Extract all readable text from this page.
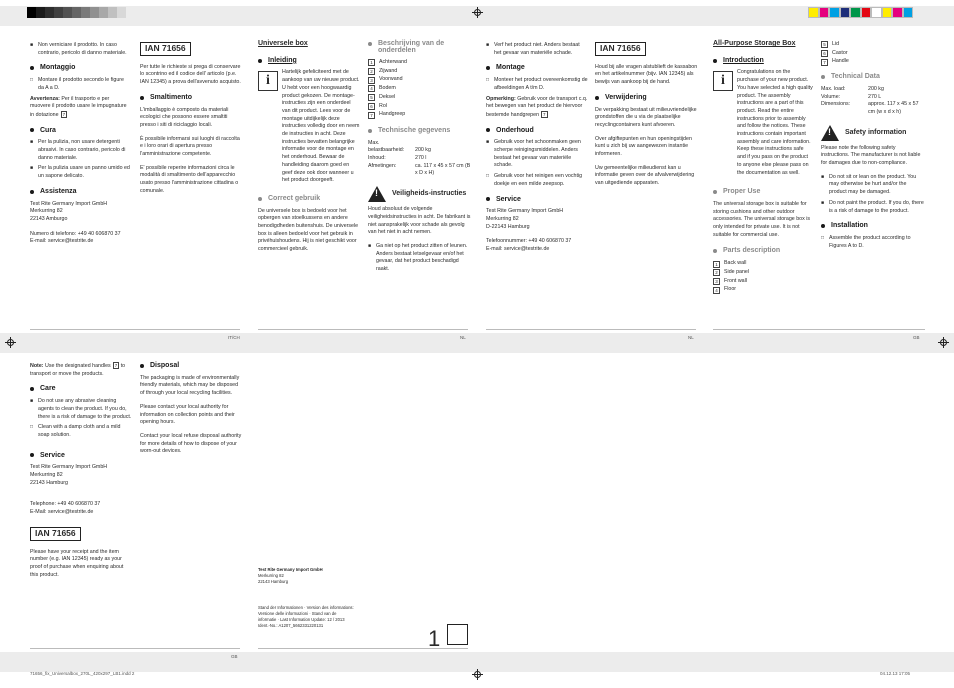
IT/CH	NL	NL	GB
GB
71656_fix_Universalbox_270L_420x297_LB1.indd 2	04.12.13 17:05
■ Non verniciare il prodotto. In caso contrario, pericolo di danno materiale.
Montaggio
□ Montare il prodotto secondo le figure da A a D.

Avvertenza: Per il trasporto e per muovere il prodotto usare le impugnature in dotazione 7

Cura
■ Per la pulizia, non usare detergenti abrasivi. In caso contrario, pericolo di danno materiale.
■ Per la pulizia usare un panno umido ed un sapone delicato.
Assistenza
Test Rite Germany Import GmbH
Merkurring 82
22143 Amburgo
Numero di telefono: +49 40 606870 37
E-mail: service@testrite.de
IAN 71656

Per tutte le richieste si prega di conservare lo scontrino ed il codice dell' articolo (p.e. IAN 12345) a prova dell'avvenuto acquisto.

Smaltimento

L'imballaggio è composto da materiali ecologici che possono essere smaltiti presso i siti di riciclaggio locali.

È possibile informarsi sui luoghi di raccolta e i loro orari di apertura presso l'amministrazione competente.

E' possibile reperire informazioni circa le modalità di smaltimento dell'apparecchio usato presso l'amministrazione cittadina o comunale.

Universele box
Inleiding
i

Hartelijk gefeliciteerd met de aankoop van uw nieuwe product. U hebt voor een hoogwaardig product gekozen. De montage-instructies zijn een onderdeel van dit product. Lees voor de montage uitdijkelijk deze instructies volledig door en neem de instructies in acht. Deze instructies bevatten belangrijke informatie voor de montage en het onderhoud. Bewaar de handleiding daarom goed en geef deze ook door wanneer u het product doorgeeft.

Correct gebruik

De universele box is bedoeld voor het opbergen van stoelkussens en andere benodigdheden buitenshuis. De universele box is alleen bedoeld voor het gebruik in privéhuishoudens. Hij is niet geschikt voor commercieel gebruik.

Beschrijving van de onderdelen
1	Achterwand
2	Zijwand
3	Voorwand
4	Bodem
5	Deksel
6	Rol
7	Handgreep
Technische gegevens
Max.
belastbaarheid:	200 kg
Inhoud:	270 l
Afmetingen:	ca. 117 x 45 x 57 cm (B x D x H)
!
Veiligheids-instructies

Houd absoluut de volgende veiligheidsinstructies in acht. De fabrikant is niet aansprakelijk voor schade als gevolg van het niet in acht nemen.

■ Ga niet op het product zitten of leunen. Anders bestaat letselgevaar en/of het gevaar, dat het product beschadigd raakt.
■ Verf het product niet. Anders bestaat het gevaar van materiële schade.
Montage
□ Monteer het product overeenkomstig de afbeeldingen A t/m D.

Opmerking: Gebruik voor de transport c.q. het bewegen van het product de hiervoor bestemde handgrepen 7

Onderhoud
■ Gebruik voor het schoonmaken geen scherpe reinigingsmiddelen. Anders bestaat het gevaar van materiële schade.
□ Gebruik voor het reinigen een vochtig doekje en een milde zeepsop.
Service
Test Rite Germany Import GmbH
Merkurring 82
D-22143 Hamburg
Telefoonnummer: +49 40 606870 37
E-mail: service@testrite.de
IAN 71656

Houd bij alle vragen alstublieft de kassabon en het artikelnummer (bijv. IAN 12345) als bewijs van aankoop bij de hand.

Verwijdering

De verpakking bestaat uit milieuvriendelijke grondstoffen die u via de plaatselijke recyclingcontainers kunt afvoeren.

Over afgiftepunten en hun openingstijden kunt u zich bij uw aangewezen instantie informeren.

Uw gemeentelijke milieudienst kan u informatie geven over de afvalverwijdering van uitgediende apparaten.

All-Purpose Storage Box
Introduction
i

Congratulations on the purchase of your new product. You have selected a high quality product. The assembly instructions are a part of this product. Read the entire instructions prior to assembly and follow the notices. These instructions contain important assembly and care information. Keep these instructions safe and if you pass on the product to anyone else please pass on the documentation as well.

Proper Use

The universal storage box is suitable for storing cushions and other outdoor accessories. The universal storage box is only intended for private use. It is not suitable for commercial use.

Parts description
1	Back wall
2	Side panel
3	Front wall
4	Floor
5	Lid
6	Castor
7	Handle
Technical Data
Max. load:	200 kg
Volume:	270 L
Dimensions:	approx. 117 x 45 x 57 cm (w x d x h)
!
Safety information

Please note the following safety instructions. The manufacturer is not liable for damages due to non-compliance.

■ Do not sit or lean on the product. You may otherwise be hurt and/or the product may be damaged.
■ Do not paint the product. If you do, there is a risk of damage to the product.
Installation
□ Assemble the product according to Figures A to D.

Note: Use the designated handles 7 to transport or move the products.

Care
■ Do not use any abrasive cleaning agents to clean the product. If you do, there is a risk of damage to the product.
□ Clean with a damp cloth and a mild soap solution.
Service
Test Rite Germany Import GmbH
Merkurring 82
22143 Hamburg
Telephone: +49 40 606870 37
E-Mail: service@testrite.de
IAN 71656

Please have your receipt and the item number (e.g. IAN 12345) ready as your proof of purchase when enquiring about this product.

Disposal

The packaging is made of environmentally friendly materials, which may be disposed of through your local recycling facilities.

Please contact your local authority for information on collection points and their opening hours.

Contact your local refuse disposal authority for more details of how to dispose of your worn-out devices.

Test Rite Germany Import GmbH
Merkurring 82
22143 Hamburg
Stand der Informationen · Version des informations:
Versione delle informazioni · Stand van de
informatie · Last Information Update: 12 / 2013
Ident.-No.: A1207_5662331220131
1
